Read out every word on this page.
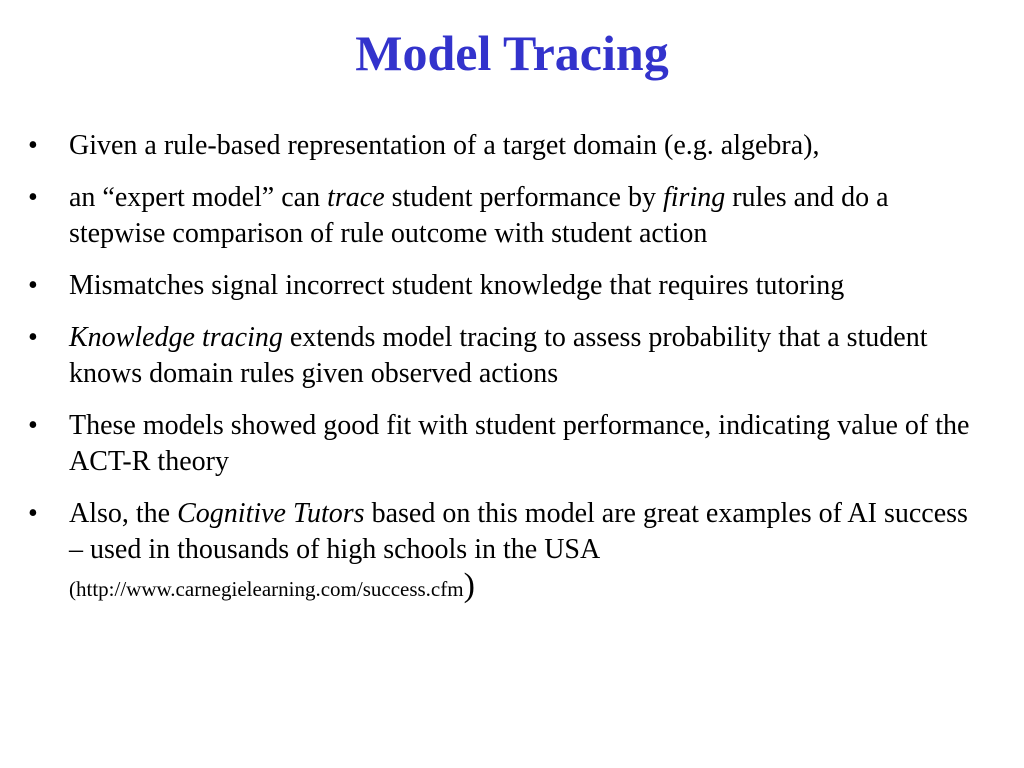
Model Tracing
•	Given a rule-based representation of a target domain (e.g. algebra),
•	an “expert model” can trace student performance by firing rules and do a stepwise comparison of rule outcome with student action
•	Mismatches signal incorrect student knowledge that requires tutoring
•	Knowledge tracing extends model tracing to assess probability that a student knows domain rules given observed actions
•	These models showed good fit with student performance, indicating value of the ACT-R theory
•	Also, the Cognitive Tutors based on this model are great examples of AI success – used in thousands of high schools in the USA (http://www.carnegielearning.com/success.cfm)
